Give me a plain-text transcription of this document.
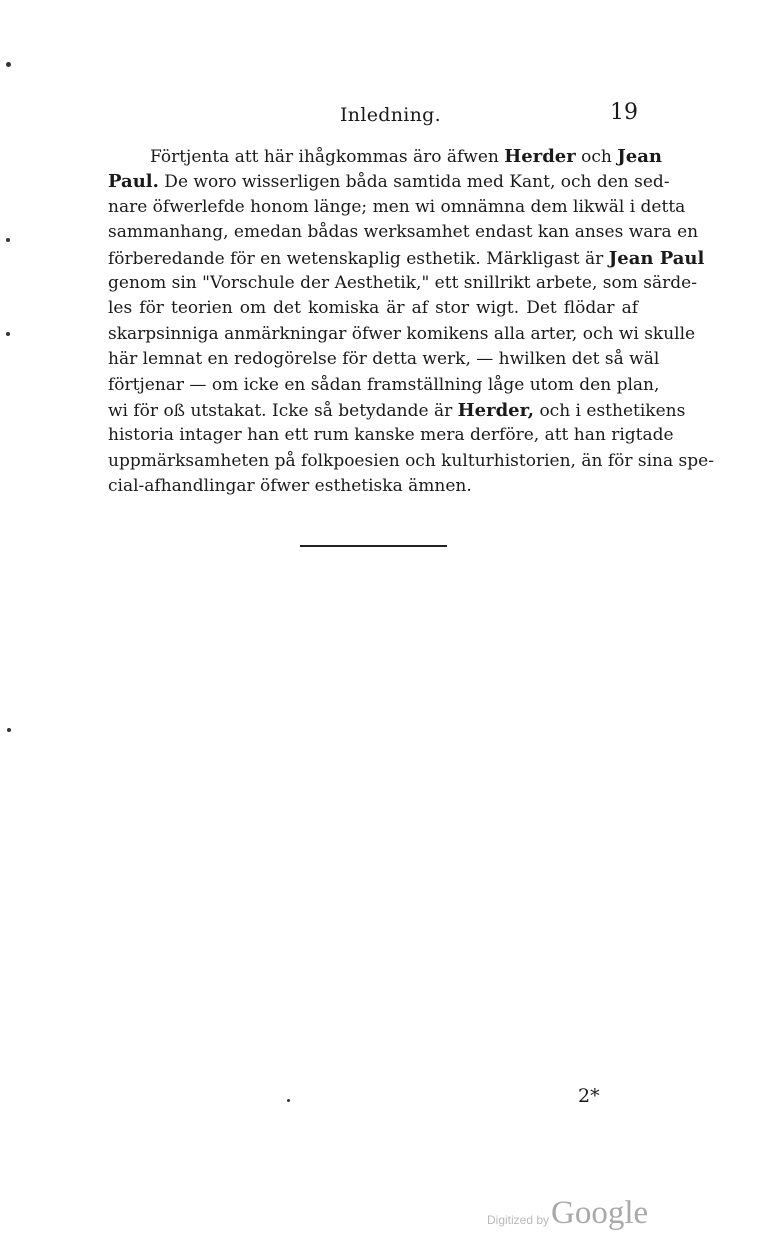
Inledning.	19
Förtjenta att här ihågkommas äro äfwen Herder och Jean
Paul. De woro wisserligen båda samtida med Kant, och den sed-
nare öfwerlefde honom länge; men wi omnämna dem likwäl i detta
sammanhang, emedan bådas werksamhet endast kan anses wara en
förberedande för en wetenskaplig esthetik. Märkligast är Jean Paul
genom sin "Vorschule der Aesthetik," ett snillrikt arbete, som särde-
les för teorien om det komiska är af stor wigt. Det flödar af
skarpsinniga anmärkningar öfwer komikens alla arter, och wi skulle
här lemnat en redogörelse för detta werk, — hwilken det så wäl
förtjenar — om icke en sådan framställning låge utom den plan,
wi för oß utstakat. Icke så betydande är Herder, och i esthetikens
historia intager han ett rum kanske mera derföre, att han rigtade
uppmärksamheten på folkpoesien och kulturhistorien, än för sina spe-
cial-afhandlingar öfwer esthetiska ämnen.
2*
Digitized by Google
